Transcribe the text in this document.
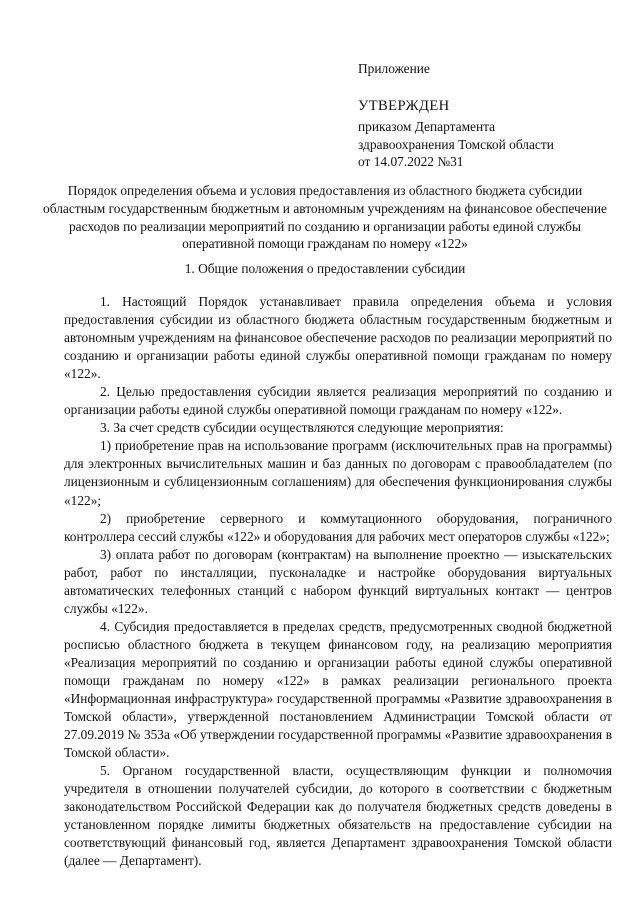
Приложение
УТВЕРЖДЕН
приказом Департамента
здравоохранения Томской области
от 14.07.2022 №31
Порядок определения объема и условия предоставления из областного бюджета субсидии областным государственным бюджетным и автономным учреждениям на финансовое обеспечение расходов по реализации мероприятий по созданию и организации работы единой службы оперативной помощи гражданам по номеру «122»
1. Общие положения о предоставлении субсидии

1. Настоящий Порядок устанавливает правила определения объема и условия предоставления субсидии из областного бюджета областным государственным бюджетным и автономным учреждениям на финансовое обеспечение расходов по реализации мероприятий по созданию и организации работы единой службы оперативной помощи гражданам по номеру «122».

2. Целью предоставления субсидии является реализация мероприятий по созданию и организации работы единой службы оперативной помощи гражданам по номеру «122».

3. За счет средств субсидии осуществляются следующие мероприятия:

1) приобретение прав на использование программ (исключительных прав на программы) для электронных вычислительных машин и баз данных по договорам с правообладателем (по лицензионным и сублицензионным соглашениям) для обеспечения функционирования службы «122»;

2) приобретение серверного и коммутационного оборудования, пограничного контроллера сессий службы «122» и оборудования для рабочих мест операторов службы «122»;

3) оплата работ по договорам (контрактам) на выполнение проектно — изыскательских работ, работ по инсталляции, пусконаладке и настройке оборудования виртуальных автоматических телефонных станций с набором функций виртуальных контакт — центров службы «122».

4. Субсидия предоставляется в пределах средств, предусмотренных сводной бюджетной росписью областного бюджета в текущем финансовом году, на реализацию мероприятия «Реализация мероприятий по созданию и организации работы единой службы оперативной помощи гражданам по номеру «122» в рамках реализации регионального проекта «Информационная инфраструктура» государственной программы «Развитие здравоохранения в Томской области», утвержденной постановлением Администрации Томской области от 27.09.2019 № 353а «Об утверждении государственной программы «Развитие здравоохранения в Томской области».

5. Органом государственной власти, осуществляющим функции и полномочия учредителя в отношении получателей субсидии, до которого в соответствии с бюджетным законодательством Российской Федерации как до получателя бюджетных средств доведены в установленном порядке лимиты бюджетных обязательств на предоставление субсидии на соответствующий финансовый год, является Департамент здравоохранения Томской области (далее — Департамент).
